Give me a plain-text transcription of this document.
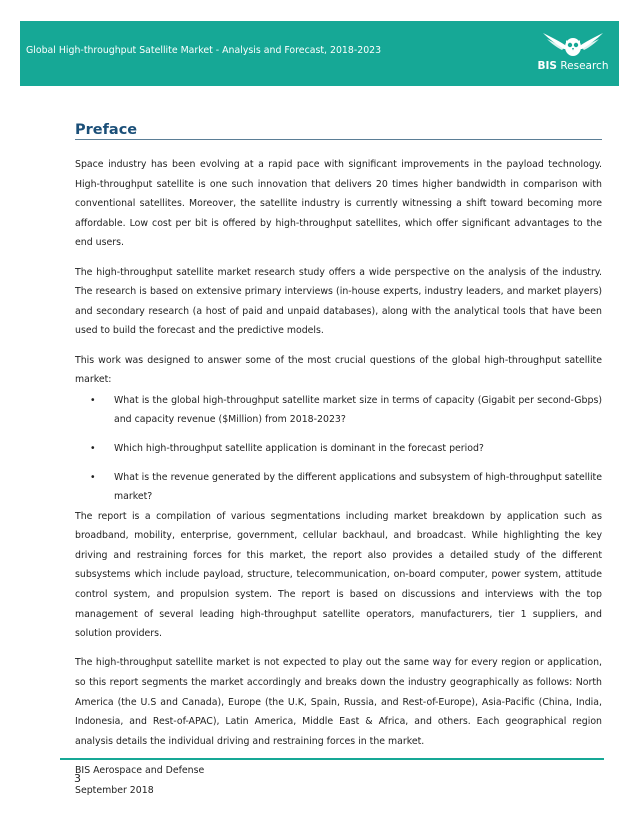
Global High-throughput Satellite Market - Analysis and Forecast, 2018-2023
BIS Research
Preface

Space industry has been evolving at a rapid pace with significant improvements in the payload technology. High-throughput satellite is one such innovation that delivers 20 times higher bandwidth in comparison with conventional satellites. Moreover, the satellite industry is currently witnessing a shift toward becoming more affordable. Low cost per bit is offered by high-throughput satellites, which offer significant advantages to the end users.

The high-throughput satellite market research study offers a wide perspective on the analysis of the industry. The research is based on extensive primary interviews (in-house experts, industry leaders, and market players) and secondary research (a host of paid and unpaid databases), along with the analytical tools that have been used to build the forecast and the predictive models.

This work was designed to answer some of the most crucial questions of the global high-throughput satellite market:

• What is the global high-throughput satellite market size in terms of capacity (Gigabit per second-Gbps) and capacity revenue ($Million) from 2018-2023?
• Which high-throughput satellite application is dominant in the forecast period?
• What is the revenue generated by the different applications and subsystem of high-throughput satellite market?

The report is a compilation of various segmentations including market breakdown by application such as broadband, mobility, enterprise, government, cellular backhaul, and broadcast. While highlighting the key driving and restraining forces for this market, the report also provides a detailed study of the different subsystems which include payload, structure, telecommunication, on-board computer, power system, attitude control system, and propulsion system. The report is based on discussions and interviews with the top management of several leading high-throughput satellite operators, manufacturers, tier 1 suppliers, and solution providers.

The high-throughput satellite market is not expected to play out the same way for every region or application, so this report segments the market accordingly and breaks down the industry geographically as follows: North America (the U.S and Canada), Europe (the U.K, Spain, Russia, and Rest-of-Europe), Asia-Pacific (China, India, Indonesia, and Rest-of-APAC), Latin America, Middle East & Africa, and others. Each geographical region analysis details the individual driving and restraining forces in the market.

BIS Aerospace and Defense

September 2018

3
